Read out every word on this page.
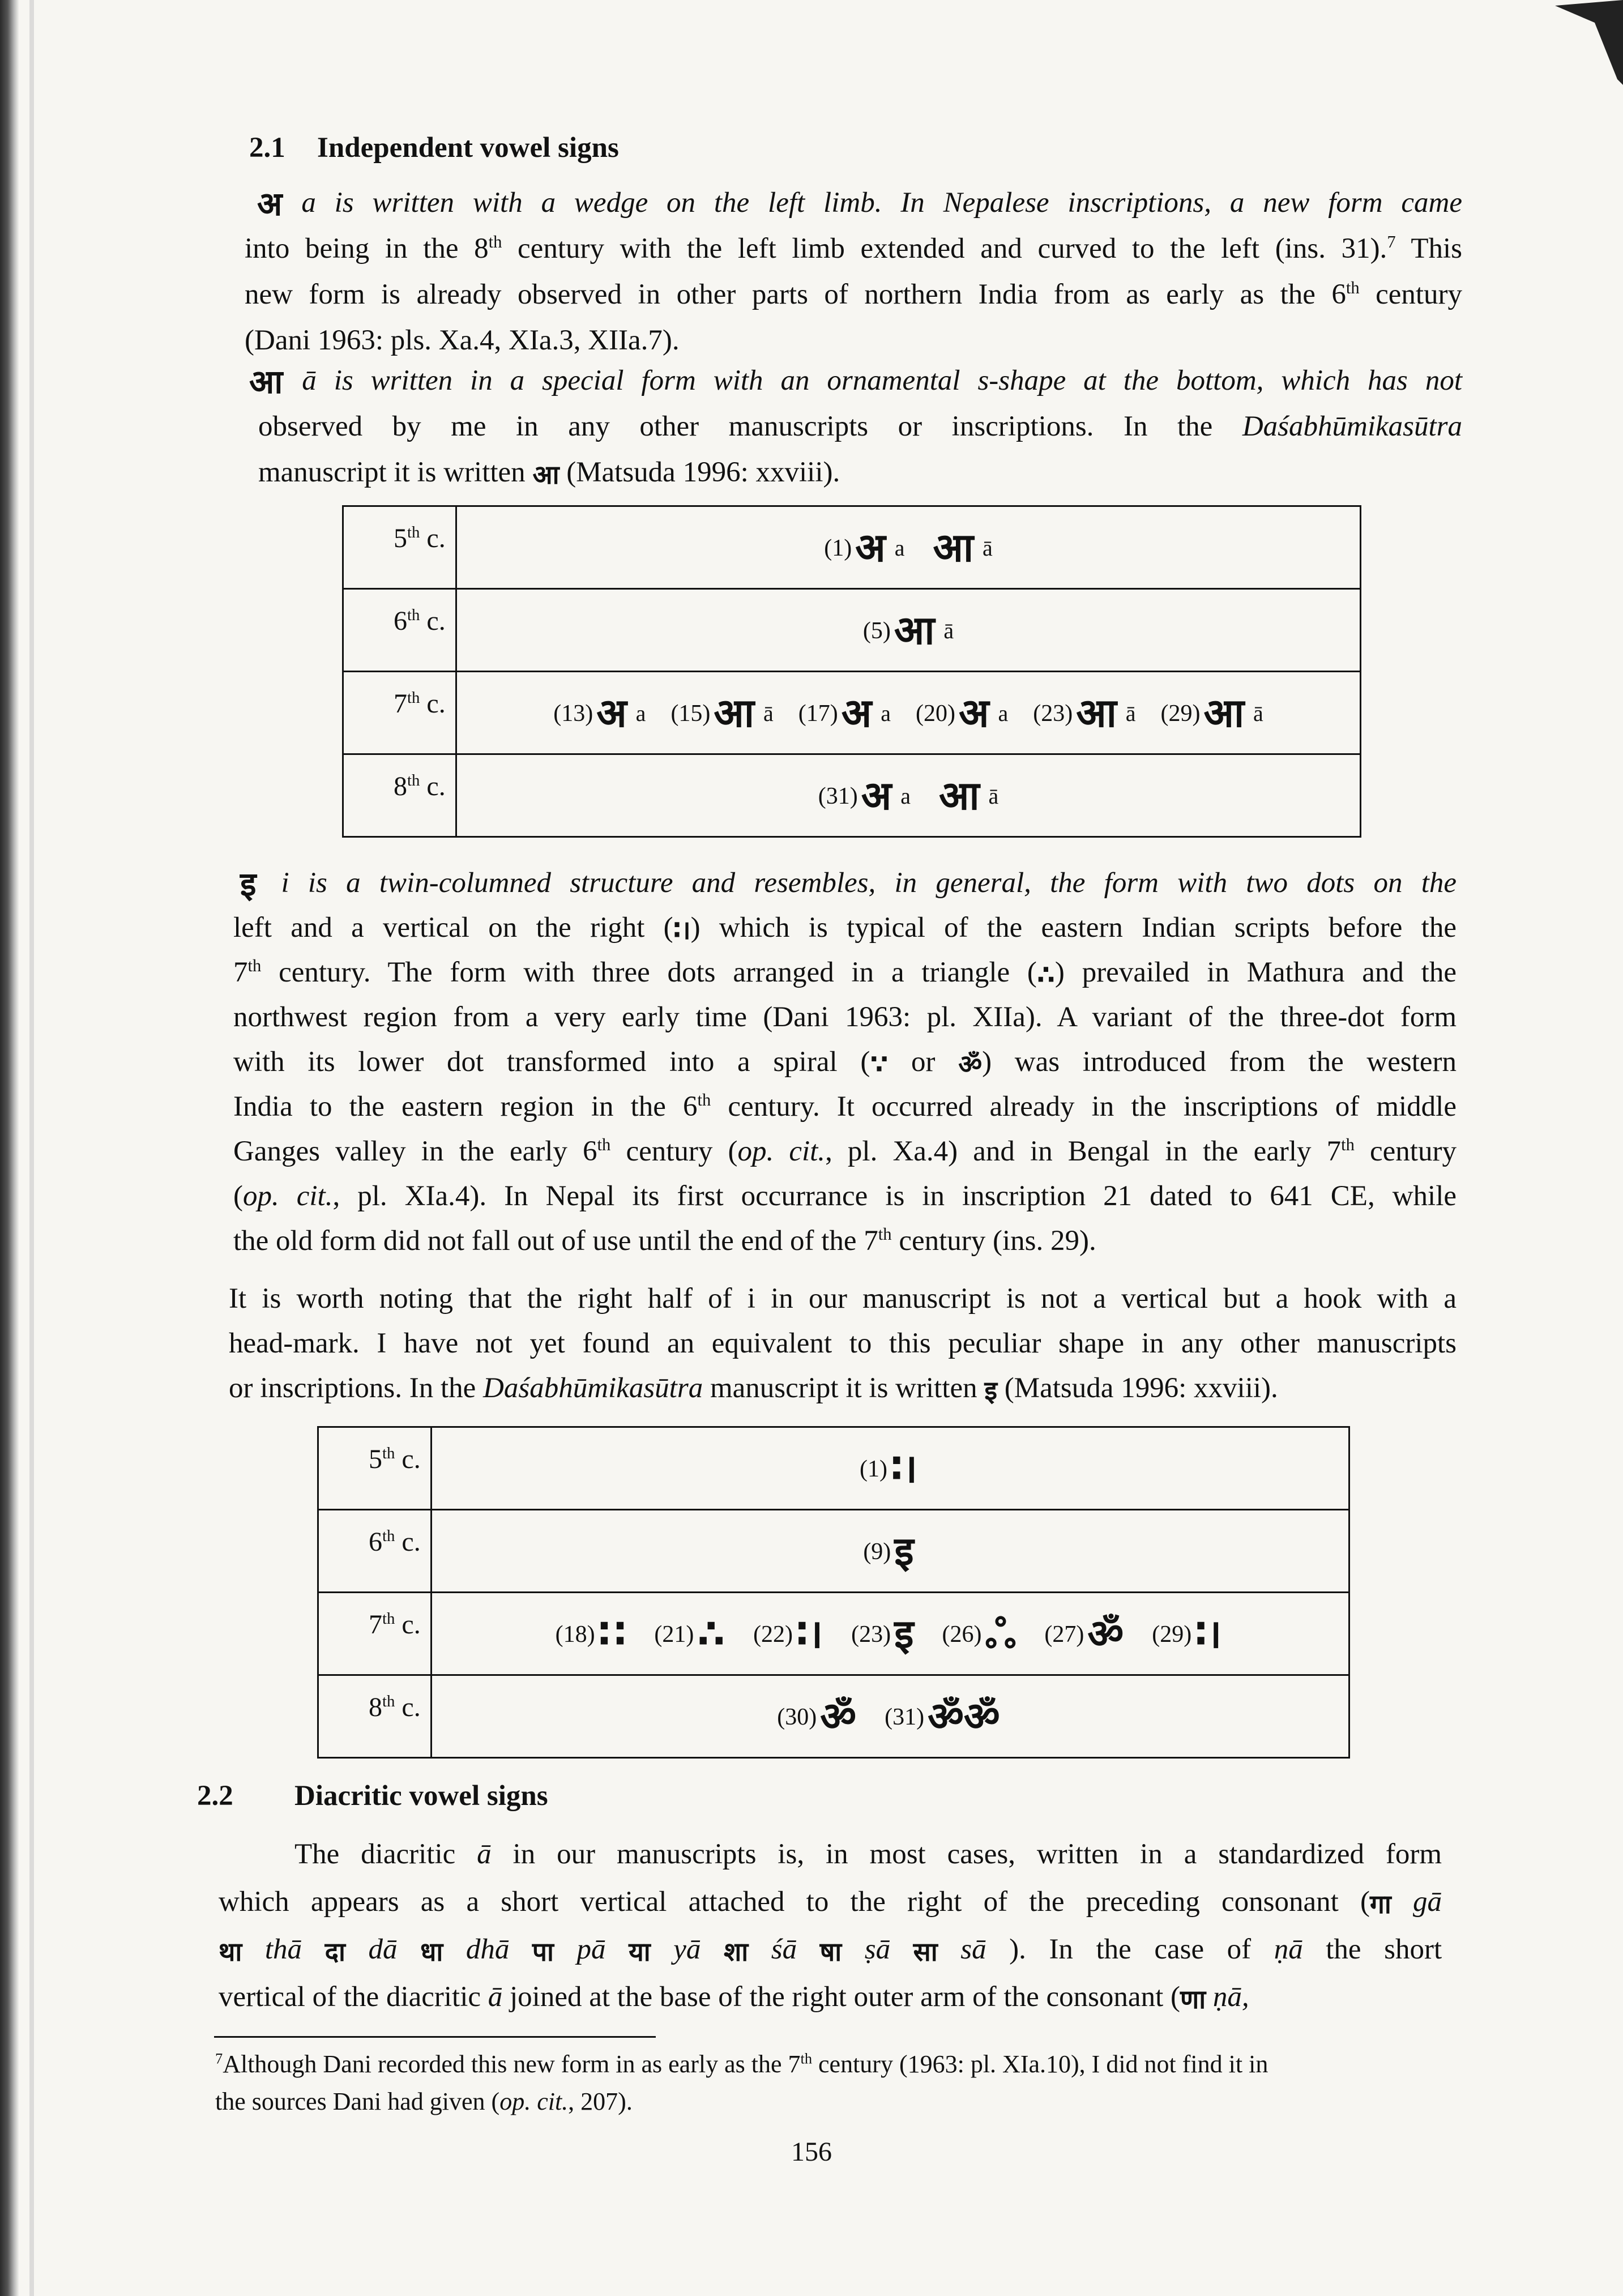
2.1 Independent vowel signs
अ a is written with a wedge on the left limb. In Nepalese inscriptions, a new form came
into being in the 8th century with the left limb extended and curved to the left (ins. 31).$^7$ This
new form is already observed in other parts of northern India from as early as the 6th century
(Dani 1963: pls. Xa.4, XIa.3, XIIa.7).
आ ā is written in a special form with an ornamental s-shape at the bottom, which has not
observed by me in any other manuscripts or inscriptions. In the Daśabhūmikasūtra
manuscript it is written आ (Matsuda 1996: xxviii).
5th c.	(1)अ a आ ā
6th c.	(5)आ ā
7th c.	(13)अ a (15)आ ā (17)अ a (20)अ a (23)आ ā (29)आ ā
8th c.	(31)अ a आ ā
इ i is a twin-columned structure and resembles, in general, the form with two dots on the
left and a vertical on the right (∶।) which is typical of the eastern Indian scripts before the
7th century. The form with three dots arranged in a triangle (∴) prevailed in Mathura and the
northwest region from a very early time (Dani 1963: pl. XIIa). A variant of the three-dot form
with its lower dot transformed into a spiral (∵ or ॐ) was introduced from the western
India to the eastern region in the 6th century. It occurred already in the inscriptions of middle
Ganges valley in the early 6th century (op. cit., pl. Xa.4) and in Bengal in the early 7th century
(op. cit., pl. XIa.4). In Nepal its first occurrance is in inscription 21 dated to 641 CE, while
the old form did not fall out of use until the end of the 7th century (ins. 29).
It is worth noting that the right half of i in our manuscript is not a vertical but a hook with a
head-mark. I have not yet found an equivalent to this peculiar shape in any other manuscripts
or inscriptions. In the Daśabhūmikasūtra manuscript it is written इ (Matsuda 1996: xxviii).
5th c.	(1)∶।
6th c.	(9)इ
7th c.	(18)∷ (21)∴ (22)∶। (23)इ (26)ஃ (27)ॐ (29)∶।
8th c.	(30)ॐ (31)ॐॐ
2.2 Diacritic vowel signs
The diacritic ā in our manuscripts is, in most cases, written in a standardized form
which appears as a short vertical attached to the right of the preceding consonant (गा gā
था thā दा dā धा dhā पा pā या yā शा śā षा ṣā सा sā ). In the case of ṇā the short
vertical of the diacritic ā joined at the base of the right outer arm of the consonant (णा ṇā,
$^7$Although Dani recorded this new form in as early as the 7th century (1963: pl. XIa.10), I did not find it in
the sources Dani had given (op. cit., 207).
156
